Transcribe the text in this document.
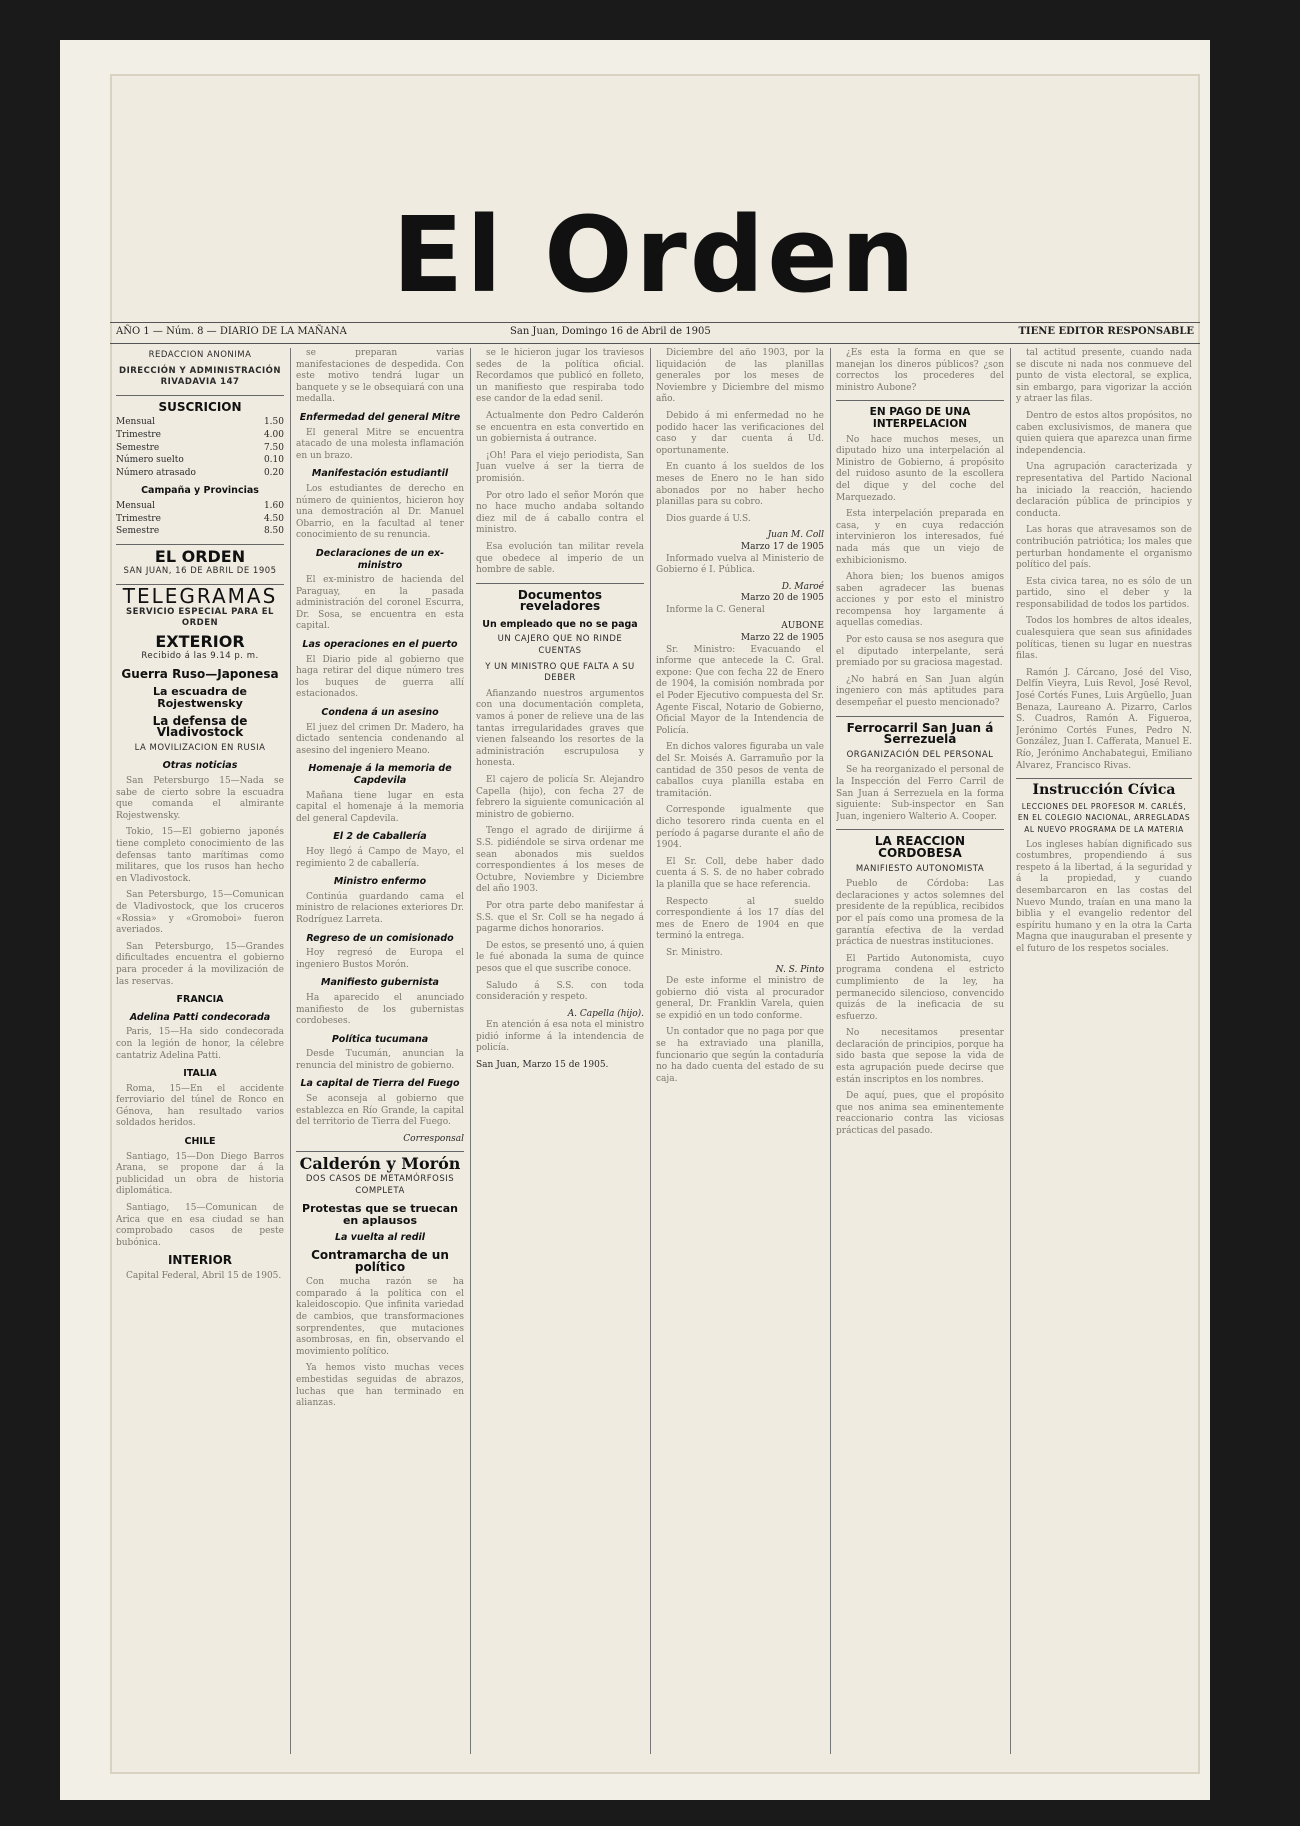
El Orden
AÑO 1 — Núm. 8 — DIARIO DE LA MAÑANA	San Juan, Domingo 16 de Abril de 1905	TIENE EDITOR RESPONSABLE
REDACCION ANONIMA
DIRECCIÓN Y ADMINISTRACIÓN RIVADAVIA 147
SUSCRICION
Mensual	1.50
Trimestre	4.00
Semestre	7.50
Número suelto	0.10
Número atrasado	0.20
Campaña y Provincias
Mensual	1.60
Trimestre	4.50
Semestre	8.50
EL ORDEN
SAN JUAN, 16 DE ABRIL DE 1905
TELEGRAMAS
SERVICIO ESPECIAL PARA EL ORDEN
EXTERIOR
Recibido á las 9.14 p. m.
Guerra Ruso—Japonesa
La escuadra de Rojestwensky
La defensa de Vladivostock
LA MOVILIZACION EN RUSIA
Otras noticias

San Petersburgo 15—Nada se sabe de cierto sobre la escuadra que comanda el almirante Rojestwensky.

Tokio, 15—El gobierno japonés tiene completo conocimiento de las defensas tanto marítimas como militares, que los rusos han hecho en Vladivostock.

San Petersburgo, 15—Comunican de Vladivostock, que los cruceros «Rossia» y «Gromoboi» fueron averiados.

San Petersburgo, 15—Grandes dificultades encuentra el gobierno para proceder á la movilización de las reservas.

FRANCIA
Adelina Patti condecorada

Paris, 15—Ha sido condecorada con la legión de honor, la célebre cantatriz Adelina Patti.

ITALIA

Roma, 15—En el accidente ferroviario del túnel de Ronco en Génova, han resultado varios soldados heridos.

CHILE

Santiago, 15—Don Diego Barros Arana, se propone dar á la publicidad un obra de historia diplomática.

Santiago, 15—Comunican de Arica que en esa ciudad se han comprobado casos de peste bubónica.

INTERIOR

Capital Federal, Abril 15 de 1905.

se preparan varias manifestaciones de despedida. Con este motivo tendrá lugar un banquete y se le obsequiará con una medalla.

Enfermedad del general Mitre

El general Mitre se encuentra atacado de una molesta inflamación en un brazo.

Manifestación estudiantil

Los estudiantes de derecho en número de quinientos, hicieron hoy una demostración al Dr. Manuel Obarrio, en la facultad al tener conocimiento de su renuncia.

Declaraciones de un ex-ministro

El ex-ministro de hacienda del Paraguay, en la pasada administración del coronel Escurra, Dr. Sosa, se encuentra en esta capital.

Las operaciones en el puerto

El Diario pide al gobierno que haga retirar del dique número tres los buques de guerra allí estacionados.

Condena á un asesino

El juez del crimen Dr. Madero, ha dictado sentencia condenando al asesino del ingeniero Meano.

Homenaje á la memoria de Capdevila

Mañana tiene lugar en esta capital el homenaje á la memoria del general Capdevila.

El 2 de Caballería

Hoy llegó á Campo de Mayo, el regimiento 2 de caballería.

Ministro enfermo

Continúa guardando cama el ministro de relaciones exteriores Dr. Rodríguez Larreta.

Regreso de un comisionado

Hoy regresó de Europa el ingeniero Bustos Morón.

Manifiesto gubernista

Ha aparecido el anunciado manifiesto de los gubernistas cordobeses.

Política tucumana

Desde Tucumán, anuncian la renuncia del ministro de gobierno.

La capital de Tierra del Fuego

Se aconseja al gobierno que establezca en Río Grande, la capital del territorio de Tierra del Fuego.

Corresponsal
Calderón y Morón
DOS CASOS DE METAMÓRFOSIS COMPLETA
Protestas que se truecan en aplausos
La vuelta al redil
Contramarcha de un político

Con mucha razón se ha comparado á la política con el kaleidoscopio. Que infinita variedad de cambios, que transformaciones sorprendentes, que mutaciones asombrosas, en fin, observando el movimiento político.

Ya hemos visto muchas veces embestidas seguidas de abrazos, luchas que han terminado en alianzas.

se le hicieron jugar los traviesos sedes de la política oficial. Recordamos que publicó en folleto, un manifiesto que respiraba todo ese candor de la edad senil.

Actualmente don Pedro Calderón se encuentra en esta convertido en un gobiernista á outrance.

¡Oh! Para el viejo periodista, San Juan vuelve á ser la tierra de promisión.

Por otro lado el señor Morón que no hace mucho andaba soltando diez mil de á caballo contra el ministro.

Esa evolución tan militar revela que obedece al imperio de un hombre de sable.

Documentos reveladores
Un empleado que no se paga
UN CAJERO QUE NO RINDE CUENTAS
Y UN MINISTRO QUE FALTA A SU DEBER

Afianzando nuestros argumentos con una documentación completa, vamos á poner de relieve una de las tantas irregularidades graves que vienen falseando los resortes de la administración escrupulosa y honesta.

El cajero de policía Sr. Alejandro Capella (hijo), con fecha 27 de febrero la siguiente comunicación al ministro de gobierno.

Tengo el agrado de dirijirme á S.S. pidiéndole se sirva ordenar me sean abonados mis sueldos correspondientes á los meses de Octubre, Noviembre y Diciembre del año 1903.

Por otra parte debo manifestar á S.S. que el Sr. Coll se ha negado á pagarme dichos honorarios.

De estos, se presentó uno, á quien le fué abonada la suma de quince pesos que el que suscribe conoce.

Saludo á S.S. con toda consideración y respeto.

A. Capella (hijo).

En atención á esa nota el ministro pidió informe á la intendencia de policía.

San Juan, Marzo 15 de 1905.

Diciembre del año 1903, por la liquidación de las planillas generales por los meses de Noviembre y Diciembre del mismo año.

Debido á mi enfermedad no he podido hacer las verificaciones del caso y dar cuenta á Ud. oportunamente.

En cuanto á los sueldos de los meses de Enero no le han sido abonados por no haber hecho planillas para su cobro.

Dios guarde á U.S.

Juan M. Coll
Marzo 17 de 1905

Informado vuelva al Ministerio de Gobierno é I. Pública.

D. Maroé
Marzo 20 de 1905

Informe la C. General

AUBONE
Marzo 22 de 1905

Sr. Ministro: Evacuando el informe que antecede la C. Gral. expone: Que con fecha 22 de Enero de 1904, la comisión nombrada por el Poder Ejecutivo compuesta del Sr. Agente Fiscal, Notario de Gobierno, Oficial Mayor de la Intendencia de Policía.

En dichos valores figuraba un vale del Sr. Moisés A. Garramuño por la cantidad de 350 pesos de venta de caballos cuya planilla estaba en tramitación.

Corresponde igualmente que dicho tesorero rinda cuenta en el período á pagarse durante el año de 1904.

El Sr. Coll, debe haber dado cuenta á S. S. de no haber cobrado la planilla que se hace referencia.

Respecto al sueldo correspondiente á los 17 días del mes de Enero de 1904 en que terminó la entrega.

Sr. Ministro.

N. S. Pinto

De este informe el ministro de gobierno dió vista al procurador general, Dr. Franklin Varela, quien se expidió en un todo conforme.

Un contador que no paga por que se ha extraviado una planilla, funcionario que según la contaduría no ha dado cuenta del estado de su caja.

¿Es esta la forma en que se manejan los dineros públicos? ¿son correctos los procederes del ministro Aubone?

EN PAGO DE UNA INTERPELACION

No hace muchos meses, un diputado hizo una interpelación al Ministro de Gobierno, á propósito del ruidoso asunto de la escollera del dique y del coche del Marquezado.

Esta interpelación preparada en casa, y en cuya redacción intervinieron los interesados, fué nada más que un viejo de exhibicionismo.

Ahora bien; los buenos amigos saben agradecer las buenas acciones y por esto el ministro recompensa hoy largamente á aquellas comedias.

Por esto causa se nos asegura que el diputado interpelante, será premiado por su graciosa magestad.

¿No habrá en San Juan algún ingeniero con más aptitudes para desempeñar el puesto mencionado?

Ferrocarril San Juan á Serrezuela
ORGANIZACIÓN DEL PERSONAL

Se ha reorganizado el personal de la Inspección del Ferro Carril de San Juan á Serrezuela en la forma siguiente: Sub-inspector en San Juan, ingeniero Walterio A. Cooper.

LA REACCION CORDOBESA
MANIFIESTO AUTONOMISTA

Pueblo de Córdoba: Las declaraciones y actos solemnes del presidente de la república, recibidos por el país como una promesa de la garantía efectiva de la verdad práctica de nuestras instituciones.

El Partido Autonomista, cuyo programa condena el estricto cumplimiento de la ley, ha permanecido silencioso, convencido quizás de la ineficacia de su esfuerzo.

No necesitamos presentar declaración de principios, porque ha sido basta que sepose la vida de esta agrupación puede decirse que están inscriptos en los nombres.

De aquí, pues, que el propósito que nos anima sea eminentemente reaccionario contra las viciosas prácticas del pasado.

tal actitud presente, cuando nada se discute ni nada nos conmueve del punto de vista electoral, se explica, sin embargo, para vigorizar la acción y atraer las filas.

Dentro de estos altos propósitos, no caben exclusivismos, de manera que quien quiera que aparezca unan firme independencia.

Una agrupación caracterizada y representativa del Partido Nacional ha iniciado la reacción, haciendo declaración pública de principios y conducta.

Las horas que atravesamos son de contribución patriótica; los males que perturban hondamente el organismo político del país.

Esta civica tarea, no es sólo de un partido, sino el deber y la responsabilidad de todos los partidos.

Todos los hombres de altos ideales, cualesquiera que sean sus afinidades políticas, tienen su lugar en nuestras filas.

Ramón J. Cárcano, José del Viso, Delfín Vieyra, Luis Revol, José Revol, José Cortés Funes, Luis Argüello, Juan Benaza, Laureano A. Pizarro, Carlos S. Cuadros, Ramón A. Figueroa, Jerónimo Cortés Funes, Pedro N. González, Juan I. Cafferata, Manuel E. Río, Jerónimo Anchabategui, Emiliano Alvarez, Francisco Rivas.

Instrucción Cívica
LECCIONES DEL PROFESOR M. CARLÉS, EN EL COLEGIO NACIONAL, ARREGLADAS AL NUEVO PROGRAMA DE LA MATERIA

Los ingleses habían dignificado sus costumbres, propendiendo á sus respeto á la libertad, á la seguridad y á la propiedad, y cuando desembarcaron en las costas del Nuevo Mundo, traían en una mano la biblia y el evangelio redentor del espíritu humano y en la otra la Carta Magna que inauguraban el presente y el futuro de los respetos sociales.
